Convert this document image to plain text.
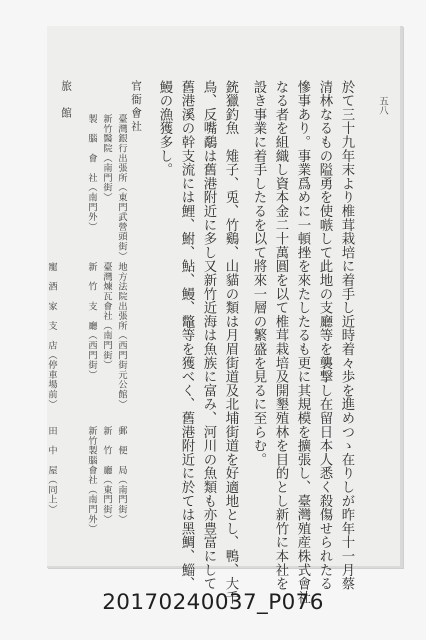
五八
於て三十九年末より椎茸栽培に着手し近時着々歩を進めつゝ在りしが昨年十一月蔡
清林なるもの隘勇を使嗾して此地の支廳等を襲撃し在留日本人悉く殺傷せられたる
慘事あり。事業爲めに一頓挫を來たしたるも更に其規模を擴張し、臺灣殖産株式會社
なる者を組織し資本金二十萬圓を以て椎茸栽培及開墾殖林を目的とし新竹に本社を
設き事業に着手したるを以て將來一層の繁盛を見るに至らむ。
銃獵釣魚　雉子、兎、竹鷄、山貓の類は月眉街道及北埔街道を好適地とし、鴨、大千
鳥、反嘴鷸は舊港附近に多し又新竹近海は魚族に富み、河川の魚類も亦豊富にして
舊港溪の幹支流には鯉、鮒、鮎、鰻、鼈等を獲べく、舊港附近に於ては黑鯛、鯔、
鰻の漁獲多し。
官衙會社
臺灣銀行出張所（東門武營頭街）
新竹醫院（南門街）
製　腦　會　社（南門外）
地方法院出張所（西門街元公館）
臺灣煉瓦會社（南門街）
新　竹　支　廳（西門街）
郵　便　局（南門街）
新　竹　廳（東門街）
新竹製腦會社（南門外）
旅　館
寵　酒　家　支　店（停車場前）
田　中　屋（同上）
20170240037_P076
